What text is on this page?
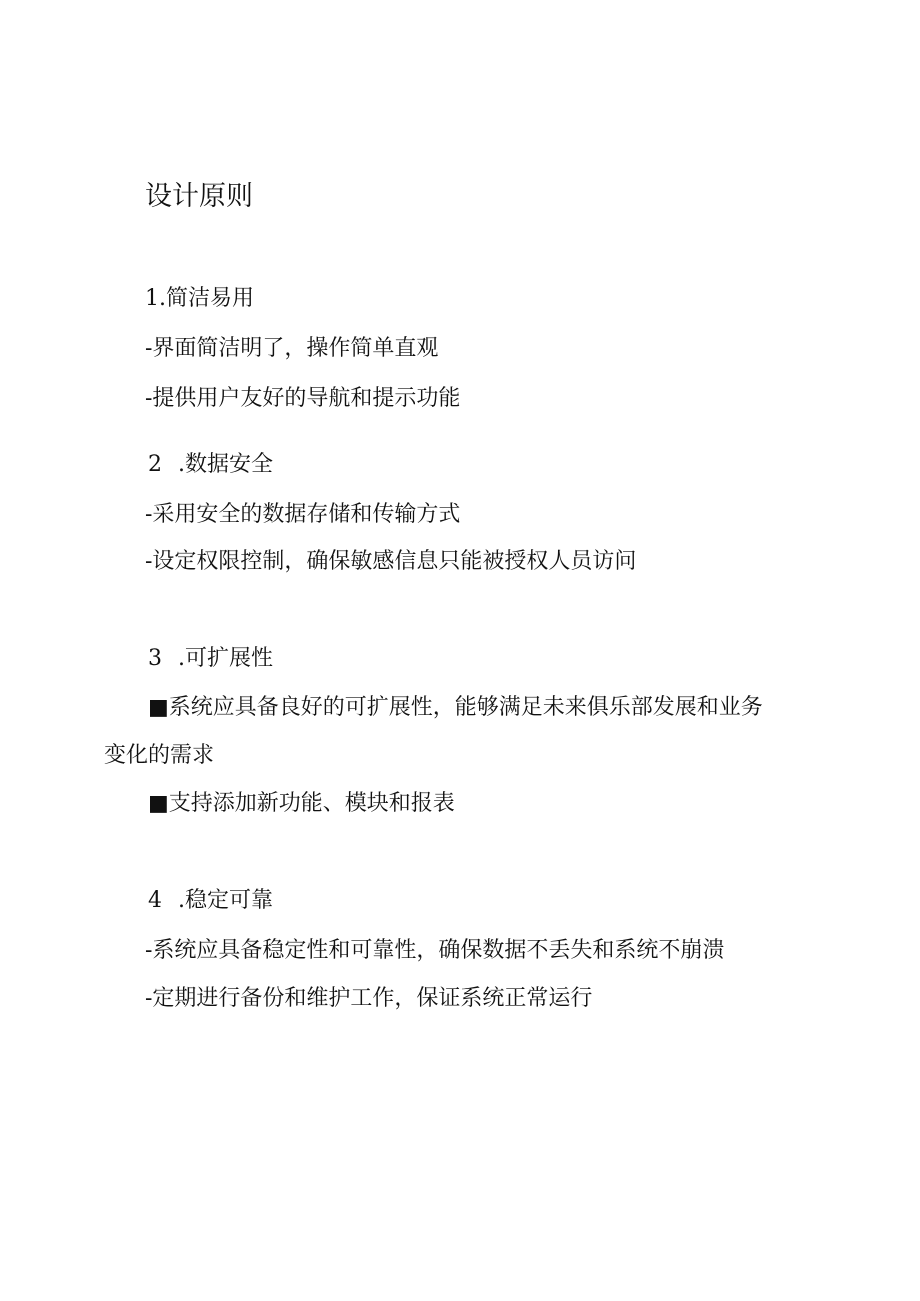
设计原则
1.简洁易用
-界面简洁明了，操作简单直观
-提供用户友好的导航和提示功能
2 .数据安全
-采用安全的数据存储和传输方式
-设定权限控制，确保敏感信息只能被授权人员访问
3 .可扩展性
■系统应具备良好的可扩展性，能够满足未来俱乐部发展和业务
变化的需求
■支持添加新功能、模块和报表
4 .稳定可靠
-系统应具备稳定性和可靠性，确保数据不丢失和系统不崩溃
-定期进行备份和维护工作，保证系统正常运行
